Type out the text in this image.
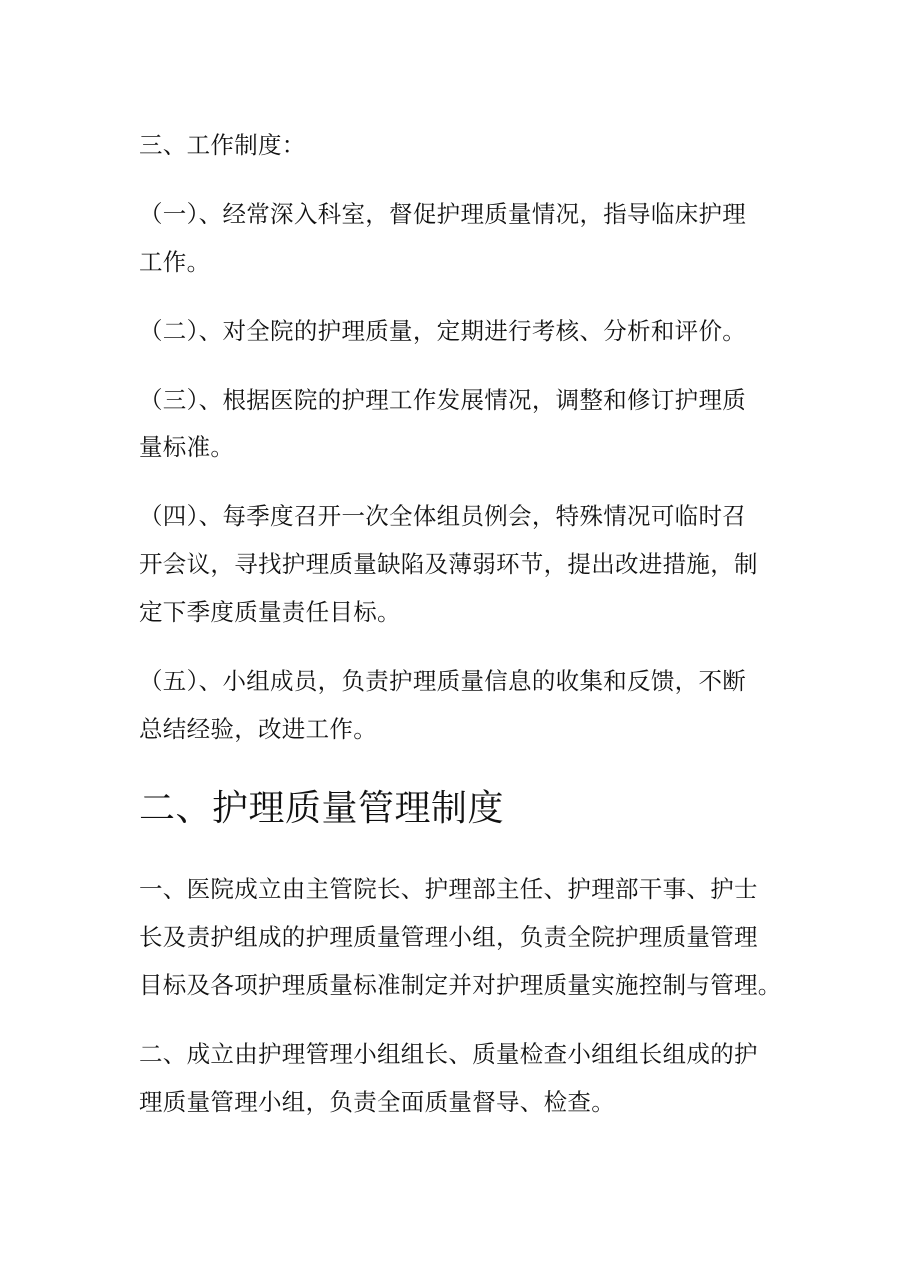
三、工作制度：
（一）、经常深入科室，督促护理质量情况，指导临床护理
工作。
（二）、对全院的护理质量，定期进行考核、分析和评价。
（三）、根据医院的护理工作发展情况，调整和修订护理质
量标准。
（四）、每季度召开一次全体组员例会，特殊情况可临时召
开会议，寻找护理质量缺陷及薄弱环节，提出改进措施，制
定下季度质量责任目标。
（五）、小组成员，负责护理质量信息的收集和反馈，不断
总结经验，改进工作。
二、护理质量管理制度
一、医院成立由主管院长、护理部主任、护理部干事、护士
长及责护组成的护理质量管理小组，负责全院护理质量管理
目标及各项护理质量标准制定并对护理质量实施控制与管理。
二、成立由护理管理小组组长、质量检查小组组长组成的护
理质量管理小组，负责全面质量督导、检查。
